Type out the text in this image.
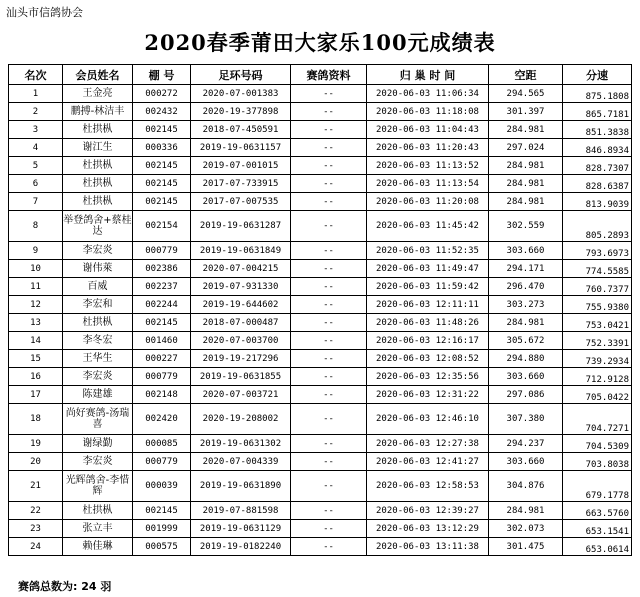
汕头市信鸽协会
2020春季莆田大家乐100元成绩表
名次	会员姓名	棚 号	足环号码	赛鸽资料	归 巢 时 间	空距	分速
1	王金亮	000272	2020-07-001383	--	2020-06-03 11:06:34	294.565	875.1808
2	鹏搏-林洁丰	002432	2020-19-377898	--	2020-06-03 11:18:08	301.397	865.7181
3	杜拱枞	002145	2018-07-450591	--	2020-06-03 11:04:43	284.981	851.3838
4	谢江生	000336	2019-19-0631157	--	2020-06-03 11:20:43	297.024	846.8934
5	杜拱枞	002145	2019-07-001015	--	2020-06-03 11:13:52	284.981	828.7307
6	杜拱枞	002145	2017-07-733915	--	2020-06-03 11:13:54	284.981	828.6387
7	杜拱枞	002145	2017-07-007535	--	2020-06-03 11:20:08	284.981	813.9039
8	举登鸽舍+蔡桂达	002154	2019-19-0631287	--	2020-06-03 11:45:42	302.559	805.2893
9	李宏炎	000779	2019-19-0631849	--	2020-06-03 11:52:35	303.660	793.6973
10	谢伟萊	002386	2020-07-004215	--	2020-06-03 11:49:47	294.171	774.5585
11	百威	002237	2019-07-931330	--	2020-06-03 11:59:42	296.470	760.7377
12	李宏和	002244	2019-19-644602	--	2020-06-03 12:11:11	303.273	755.9380
13	杜拱枞	002145	2018-07-000487	--	2020-06-03 11:48:26	284.981	753.0421
14	李冬宏	001460	2020-07-003700	--	2020-06-03 12:16:17	305.672	752.3391
15	王华生	000227	2019-19-217296	--	2020-06-03 12:08:52	294.880	739.2934
16	李宏炎	000779	2019-19-0631855	--	2020-06-03 12:35:56	303.660	712.9128
17	陈建雄	002148	2020-07-003721	--	2020-06-03 12:31:22	297.086	705.0422
18	尚好赛鸽-汤瑞喜	002420	2020-19-208002	--	2020-06-03 12:46:10	307.380	704.7271
19	谢绿勤	000085	2019-19-0631302	--	2020-06-03 12:27:38	294.237	704.5309
20	李宏炎	000779	2020-07-004339	--	2020-06-03 12:41:27	303.660	703.8038
21	光辉鸽舍-李惜辉	000039	2019-19-0631890	--	2020-06-03 12:58:53	304.876	679.1778
22	杜拱枞	002145	2019-07-881598	--	2020-06-03 12:39:27	284.981	663.5760
23	张立丰	001999	2019-19-0631129	--	2020-06-03 13:12:29	302.073	653.1541
24	赖佳琳	000575	2019-19-0182240	--	2020-06-03 13:11:38	301.475	653.0614
赛鸽总数为: 24 羽
